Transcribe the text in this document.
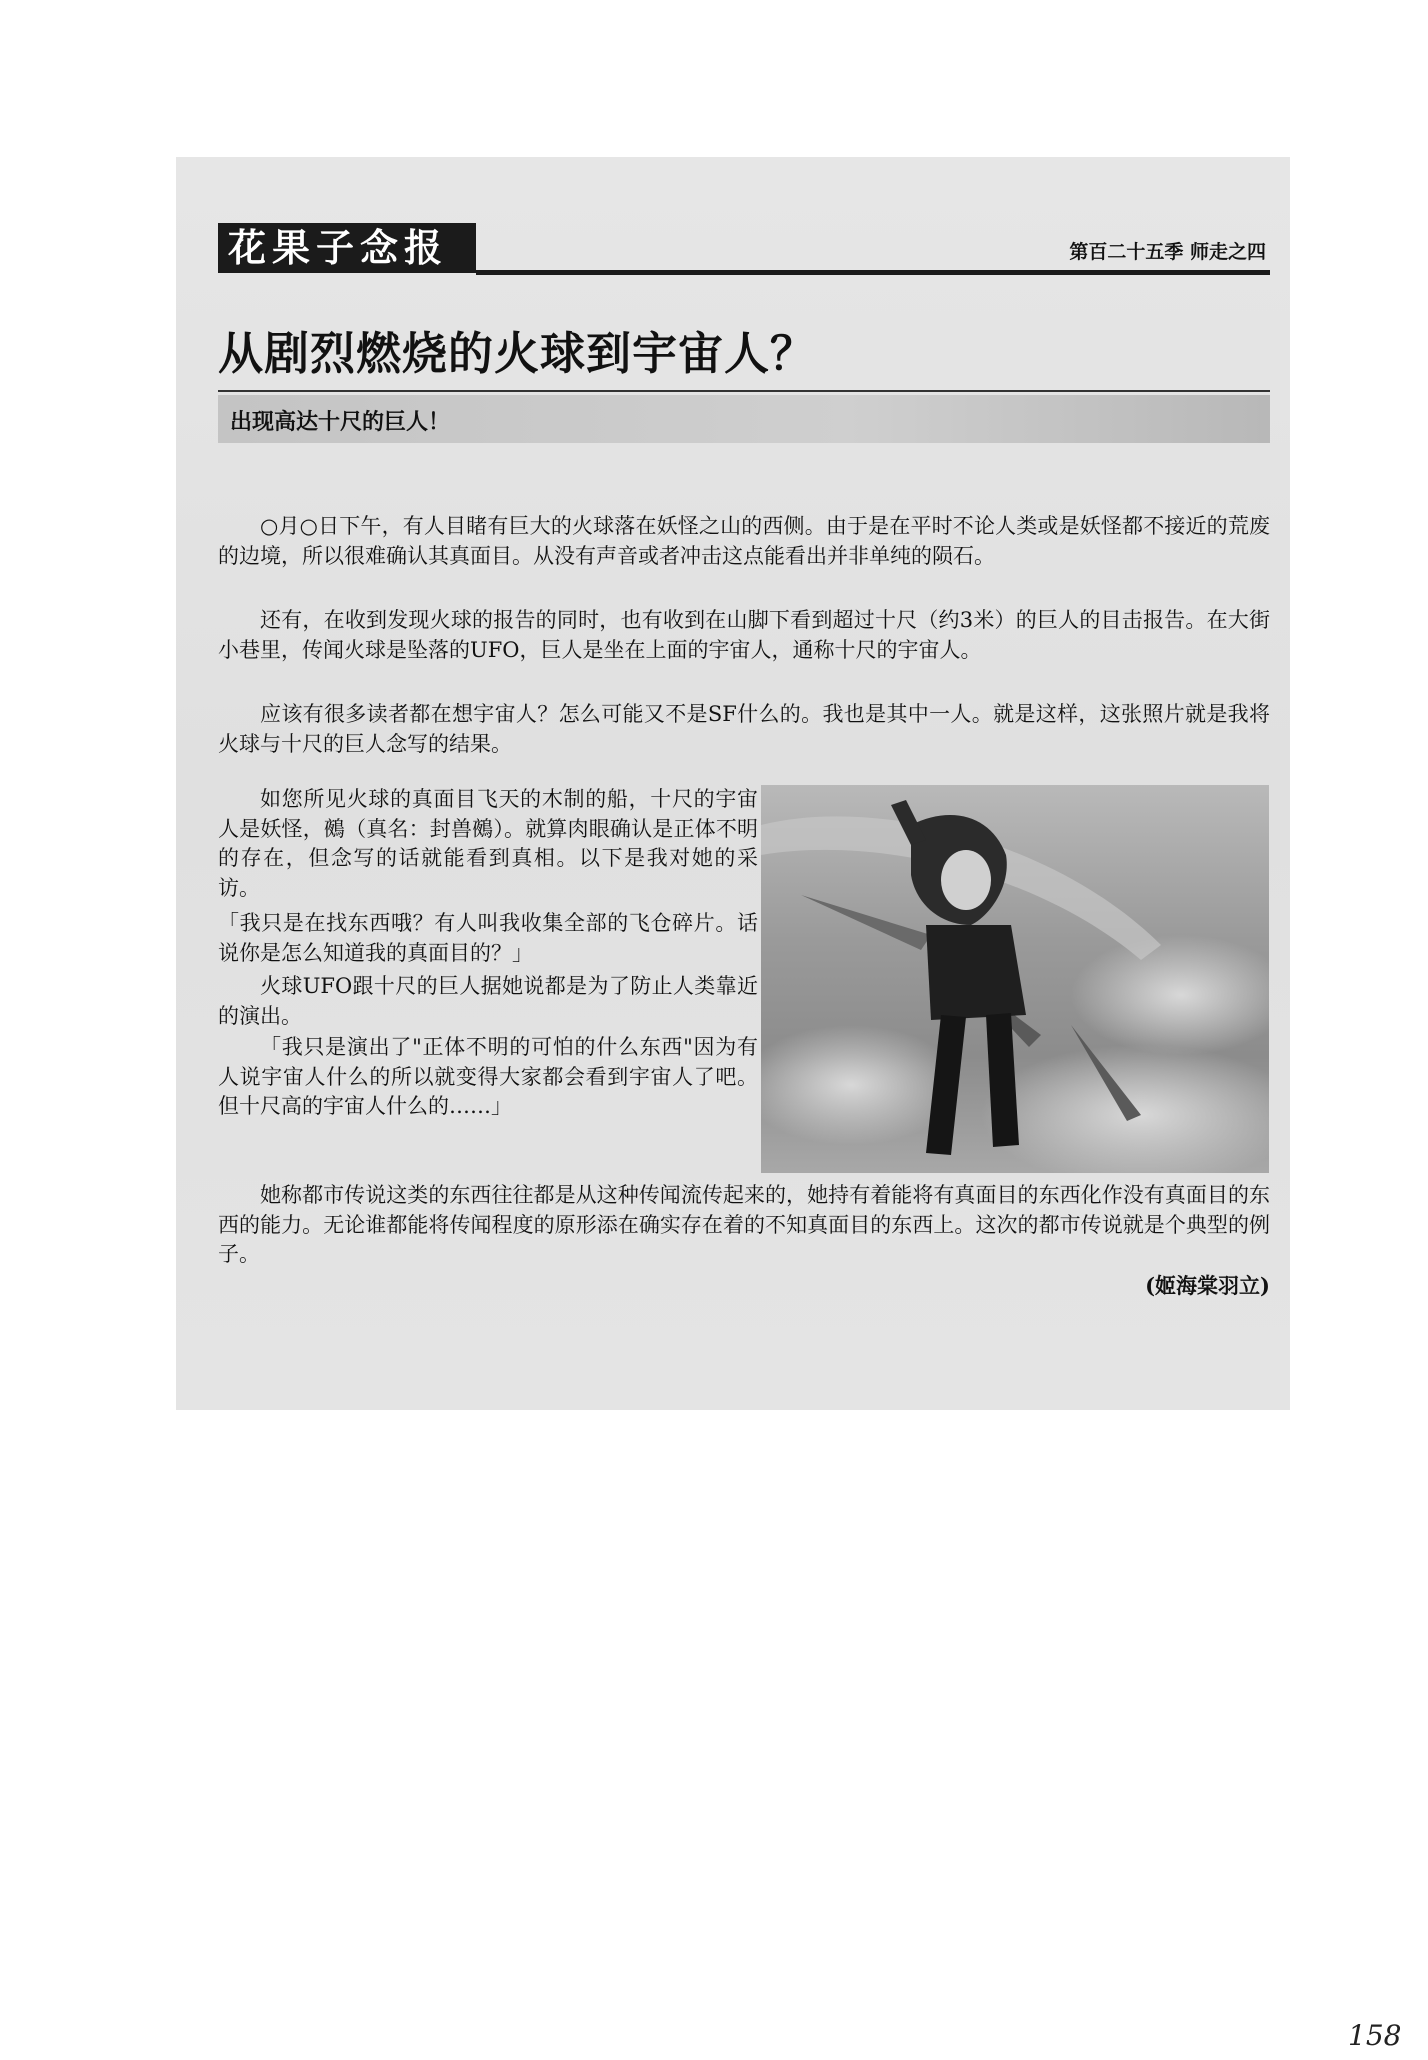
花果子念报	第百二十五季 师走之四
从剧烈燃烧的火球到宇宙人？
出现高达十尺的巨人！

○月○日下午，有人目睹有巨大的火球落在妖怪之山的西侧。由于是在平时不论人类或是妖怪都不接近的荒废的边境，所以很难确认其真面目。从没有声音或者冲击这点能看出并非单纯的陨石。

还有，在收到发现火球的报告的同时，也有收到在山脚下看到超过十尺（约3米）的巨人的目击报告。在大街小巷里，传闻火球是坠落的UFO，巨人是坐在上面的宇宙人，通称十尺的宇宙人。

应该有很多读者都在想宇宙人？怎么可能又不是SF什么的。我也是其中一人。就是这样，这张照片就是我将火球与十尺的巨人念写的结果。

如您所见火球的真面目飞天的木制的船，十尺的宇宙人是妖怪，鵺（真名：封兽鵺）。就算肉眼确认是正体不明的存在，但念写的话就能看到真相。以下是我对她的采访。

「我只是在找东西哦？有人叫我收集全部的飞仓碎片。话说你是怎么知道我的真面目的？」

火球UFO跟十尺的巨人据她说都是为了防止人类靠近的演出。

「我只是演出了"正体不明的可怕的什么东西"因为有人说宇宙人什么的所以就变得大家都会看到宇宙人了吧。但十尺高的宇宙人什么的……」

她称都市传说这类的东西往往都是从这种传闻流传起来的，她持有着能将有真面目的东西化作没有真面目的东西的能力。无论谁都能将传闻程度的原形添在确实存在着的不知真面目的东西上。这次的都市传说就是个典型的例子。

(姬海棠羽立)
158
